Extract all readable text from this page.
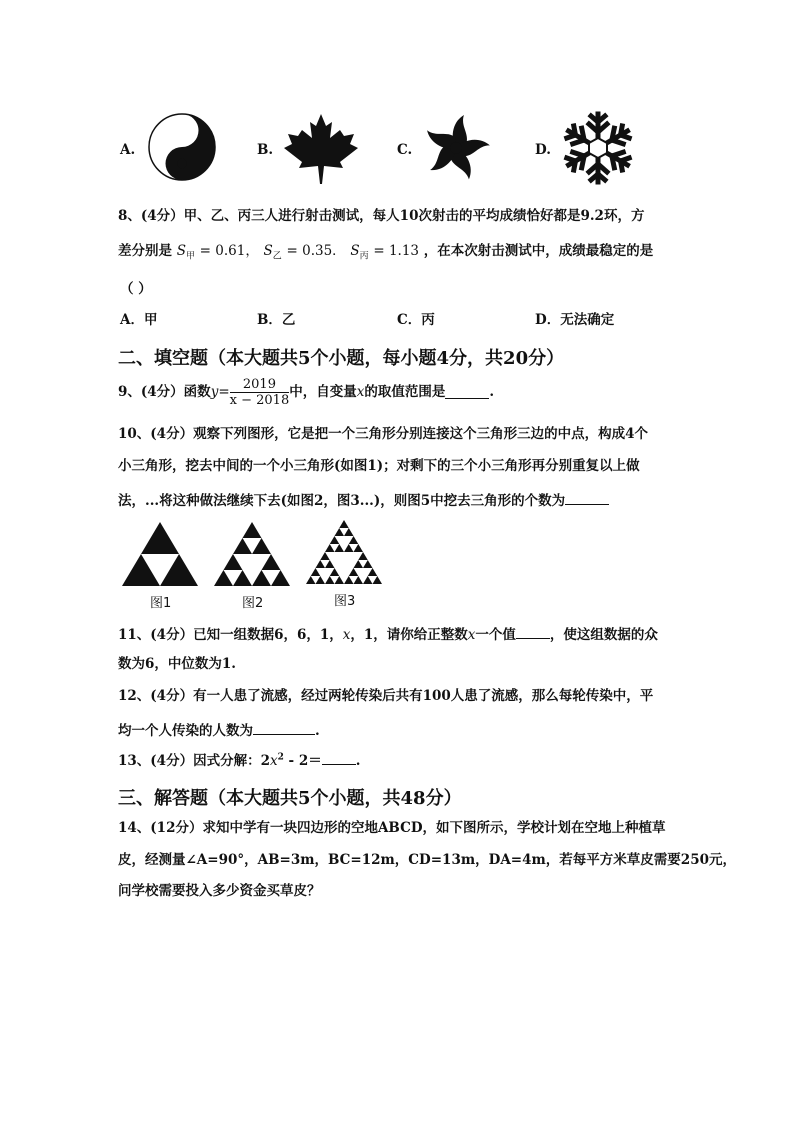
A.	B.	C.	D.
8、(4分）甲、乙、丙三人进行射击测试，每人10次射击的平均成绩恰好都是9.2环，方
差分别是 $S_甲 = 0.61$， $S_乙 = 0.35$． $S_丙 = 1.13$ ，在本次射击测试中，成绩最稳定的是
（ ）
A．甲	B．乙	C．丙	D．无法确定
二、填空题（本大题共5个小题，每小题4分，共20分）
9、(4分）函数 $y= \frac{2019}{x - 2018}$ 中，自变量 x 的取值范围是	.
10、(4分）观察下列图形，它是把一个三角形分别连接这个三角形三边的中点，构成4个
小三角形，挖去中间的一个小三角形(如图1)；对剩下的三个小三角形再分别重复以上做
法，...将这种做法继续下去(如图2，图3...)，则图5中挖去三角形的个数为
图1	图2	图3
11、(4分）已知一组数据6，6，1，x，1，请你给正整数x一个值	，使这组数据的众
数为6，中位数为1.
12、(4分）有一人患了流感，经过两轮传染后共有100人患了流感，那么每轮传染中，平
均一个人传染的人数为	.
13、(4分）因式分解：$2x^2 - 2=$	.
三、解答题（本大题共5个小题，共48分）
14、(12分）求知中学有一块四边形的空地ABCD，如下图所示，学校计划在空地上种植草
皮，经测量∠A=90°，AB=3m，BC=12m，CD=13m，DA=4m，若每平方米草皮需要250元，
问学校需要投入多少资金买草皮？
